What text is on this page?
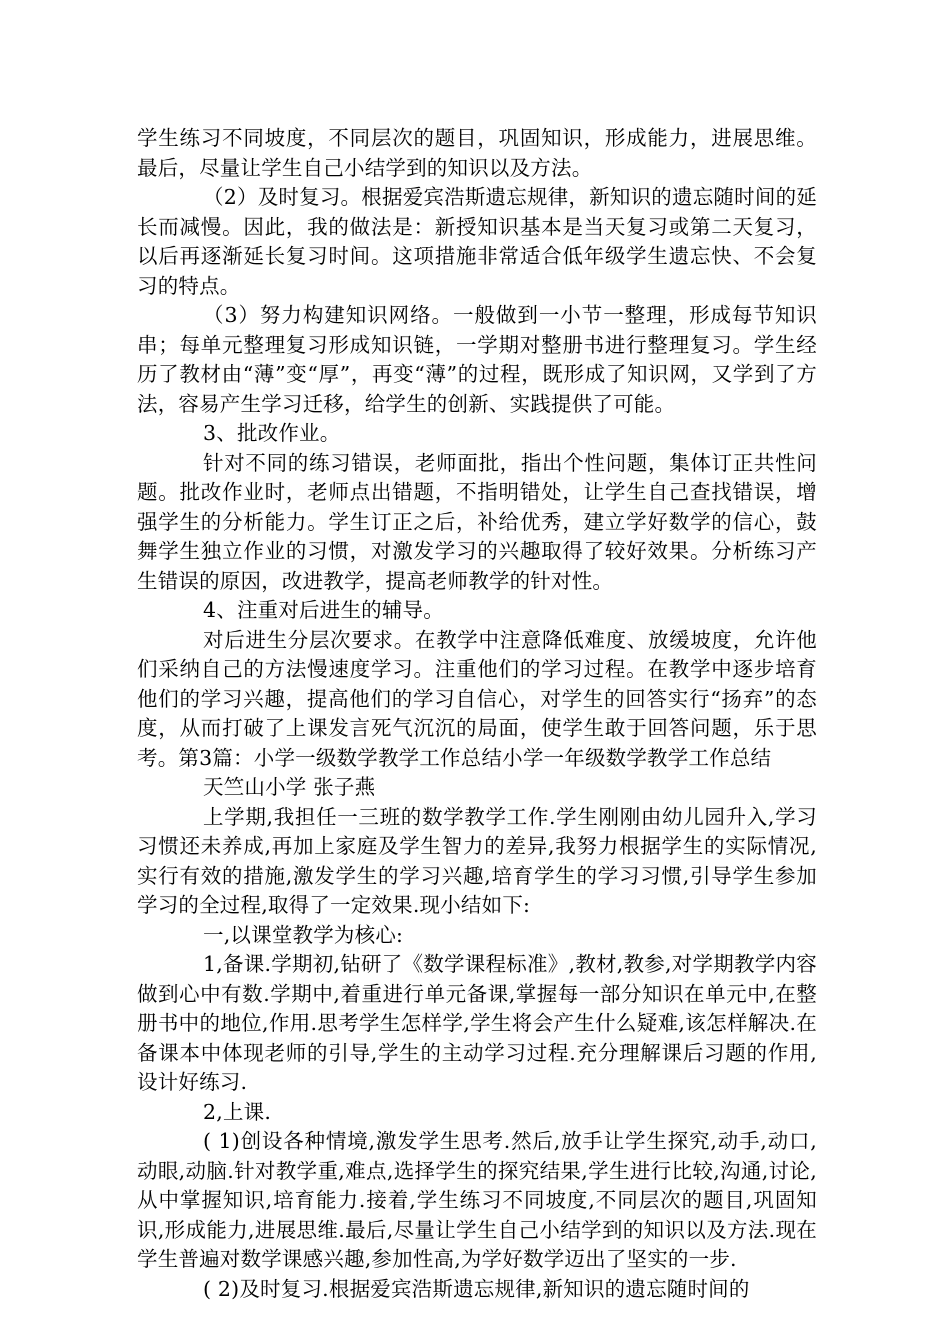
学生练习不同坡度，不同层次的题目，巩固知识，形成能力，进展思维。最后，尽量让学生自己小结学到的知识以及方法。

（2）及时复习。根据爱宾浩斯遗忘规律，新知识的遗忘随时间的延长而减慢。因此，我的做法是：新授知识基本是当天复习或第二天复习，以后再逐渐延长复习时间。这项措施非常适合低年级学生遗忘快、不会复习的特点。

（3）努力构建知识网络。一般做到一小节一整理，形成每节知识串；每单元整理复习形成知识链，一学期对整册书进行整理复习。学生经历了教材由“薄”变“厚”，再变“薄”的过程，既形成了知识网，又学到了方法，容易产生学习迁移，给学生的创新、实践提供了可能。

3、批改作业。

针对不同的练习错误，老师面批，指出个性问题，集体订正共性问题。批改作业时，老师点出错题，不指明错处，让学生自己查找错误，增强学生的分析能力。学生订正之后，补给优秀，建立学好数学的信心，鼓舞学生独立作业的习惯，对激发学习的兴趣取得了较好效果。分析练习产生错误的原因，改进教学，提高老师教学的针对性。

4、注重对后进生的辅导。

对后进生分层次要求。在教学中注意降低难度、放缓坡度，允许他们采纳自己的方法慢速度学习。注重他们的学习过程。在教学中逐步培育他们的学习兴趣，提高他们的学习自信心，对学生的回答实行“扬弃”的态度，从而打破了上课发言死气沉沉的局面，使学生敢于回答问题，乐于思考。第3篇：小学一级数学教学工作总结小学一年级数学教学工作总结

天竺山小学 张子燕

上学期,我担任一三班的数学教学工作.学生刚刚由幼儿园升入,学习习惯还未养成,再加上家庭及学生智力的差异,我努力根据学生的实际情况,实行有效的措施,激发学生的学习兴趣,培育学生的学习习惯,引导学生参加学习的全过程,取得了一定效果.现小结如下:

一,以课堂教学为核心:

1,备课.学期初,钻研了《数学课程标准》,教材,教参,对学期教学内容做到心中有数.学期中,着重进行单元备课,掌握每一部分知识在单元中,在整册书中的地位,作用.思考学生怎样学,学生将会产生什么疑难,该怎样解决.在备课本中体现老师的引导,学生的主动学习过程.充分理解课后习题的作用,设计好练习.

2,上课.

( 1)创设各种情境,激发学生思考.然后,放手让学生探究,动手,动口,动眼,动脑.针对教学重,难点,选择学生的探究结果,学生进行比较,沟通,讨论,从中掌握知识,培育能力.接着,学生练习不同坡度,不同层次的题目,巩固知识,形成能力,进展思维.最后,尽量让学生自己小结学到的知识以及方法.现在学生普遍对数学课感兴趣,参加性高,为学好数学迈出了坚实的一步.

( 2)及时复习.根据爱宾浩斯遗忘规律,新知识的遗忘随时间的
